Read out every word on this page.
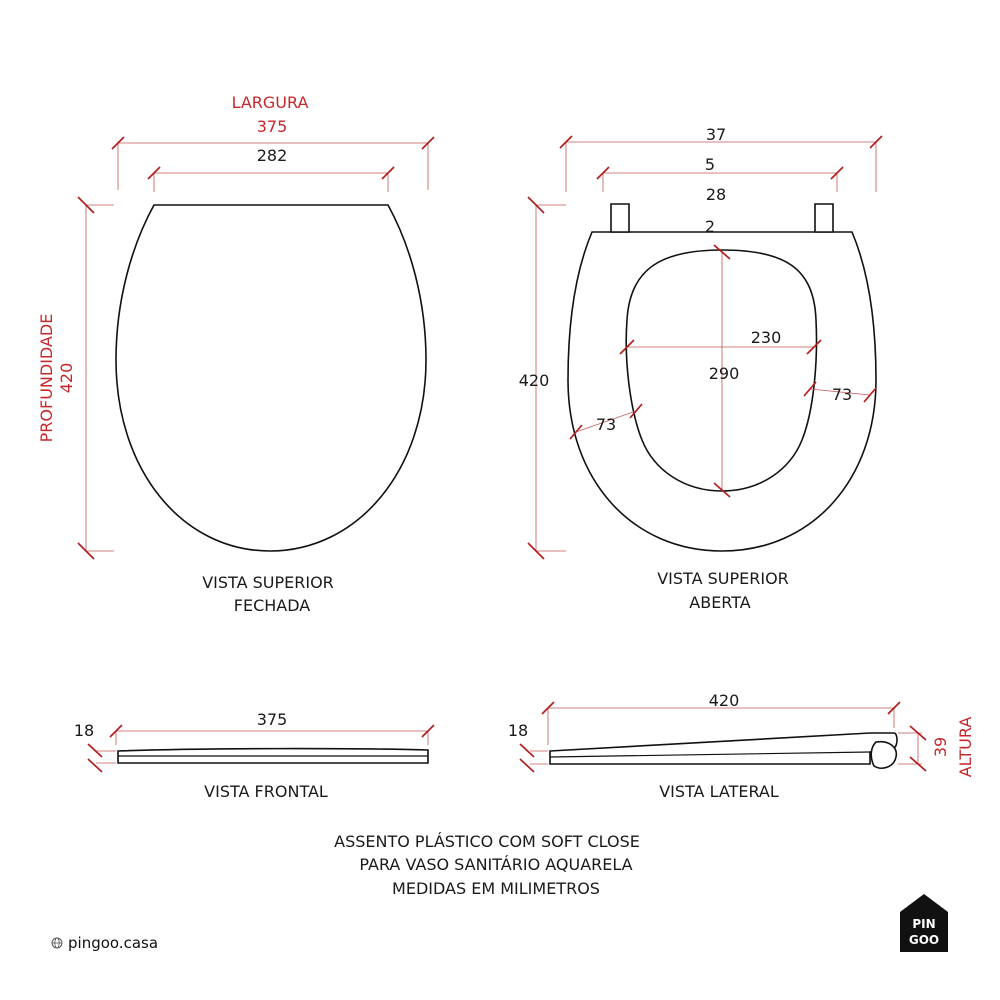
LARGURA
375
282
PROFUNDIDADE 420
VISTA SUPERIOR
FECHADA
37
5
28
2
420
230
290
73
73
VISTA SUPERIOR
ABERTA
375
18
VISTA FRONTAL
420
18
39 ALTURA
VISTA LATERAL
ASSENTO PLÁSTICO COM SOFT CLOSE
PARA VASO SANITÁRIO AQUARELA
MEDIDAS EM MILIMETROS
pingoo.casa
PIN
GOO
